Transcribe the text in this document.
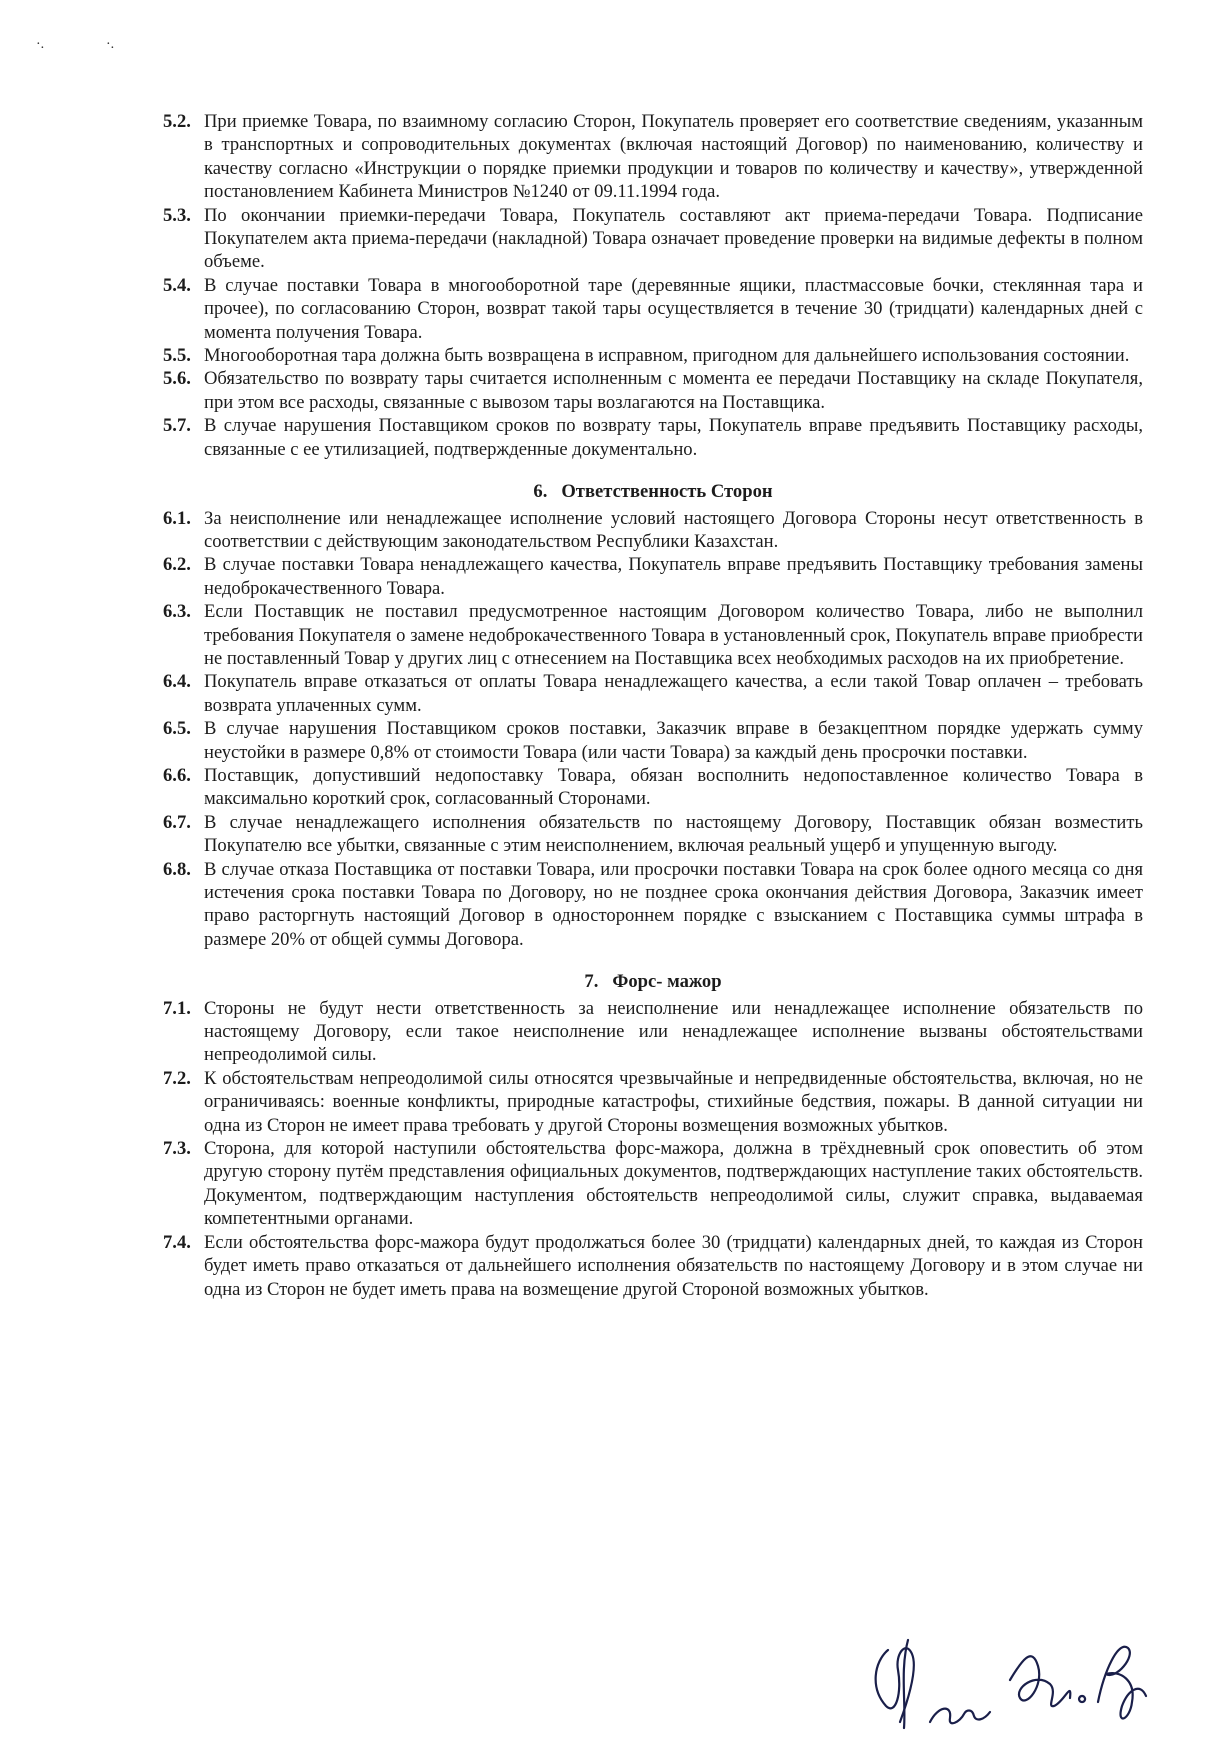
·.	·.
5.2. При приемке Товара, по взаимному согласию Сторон, Покупатель проверяет его соответствие сведениям, указанным в транспортных и сопроводительных документах (включая настоящий Договор) по наименованию, количеству и качеству согласно «Инструкции о порядке приемки продукции и товаров по количеству и качеству», утвержденной постановлением Кабинета Министров №1240 от 09.11.1994 года.
5.3. По окончании приемки-передачи Товара, Покупатель составляют акт приема-передачи Товара. Подписание Покупателем акта приема-передачи (накладной) Товара означает проведение проверки на видимые дефекты в полном объеме.
5.4. В случае поставки Товара в многооборотной таре (деревянные ящики, пластмассовые бочки, стеклянная тара и прочее), по согласованию Сторон, возврат такой тары осуществляется в течение 30 (тридцати) календарных дней с момента получения Товара.
5.5. Многооборотная тара должна быть возвращена в исправном, пригодном для дальнейшего использования состоянии.
5.6. Обязательство по возврату тары считается исполненным с момента ее передачи Поставщику на складе Покупателя, при этом все расходы, связанные с вывозом тары возлагаются на Поставщика.
5.7. В случае нарушения Поставщиком сроков по возврату тары, Покупатель вправе предъявить Поставщику расходы, связанные с ее утилизацией, подтвержденные документально.
6. Ответственность Сторон
6.1. За неисполнение или ненадлежащее исполнение условий настоящего Договора Стороны несут ответственность в соответствии с действующим законодательством Республики Казахстан.
6.2. В случае поставки Товара ненадлежащего качества, Покупатель вправе предъявить Поставщику требования замены недоброкачественного Товара.
6.3. Если Поставщик не поставил предусмотренное настоящим Договором количество Товара, либо не выполнил требования Покупателя о замене недоброкачественного Товара в установленный срок, Покупатель вправе приобрести не поставленный Товар у других лиц с отнесением на Поставщика всех необходимых расходов на их приобретение.
6.4. Покупатель вправе отказаться от оплаты Товара ненадлежащего качества, а если такой Товар оплачен – требовать возврата уплаченных сумм.
6.5. В случае нарушения Поставщиком сроков поставки, Заказчик вправе в безакцептном порядке удержать сумму неустойки в размере 0,8% от стоимости Товара (или части Товара) за каждый день просрочки поставки.
6.6. Поставщик, допустивший недопоставку Товара, обязан восполнить недопоставленное количество Товара в максимально короткий срок, согласованный Сторонами.
6.7. В случае ненадлежащего исполнения обязательств по настоящему Договору, Поставщик обязан возместить Покупателю все убытки, связанные с этим неисполнением, включая реальный ущерб и упущенную выгоду.
6.8. В случае отказа Поставщика от поставки Товара, или просрочки поставки Товара на срок более одного месяца со дня истечения срока поставки Товара по Договору, но не позднее срока окончания действия Договора, Заказчик имеет право расторгнуть настоящий Договор в одностороннем порядке с взысканием с Поставщика суммы штрафа в размере 20% от общей суммы Договора.
7. Форс- мажор
7.1. Стороны не будут нести ответственность за неисполнение или ненадлежащее исполнение обязательств по настоящему Договору, если такое неисполнение или ненадлежащее исполнение вызваны обстоятельствами непреодолимой силы.
7.2. К обстоятельствам непреодолимой силы относятся чрезвычайные и непредвиденные обстоятельства, включая, но не ограничиваясь: военные конфликты, природные катастрофы, стихийные бедствия, пожары. В данной ситуации ни одна из Сторон не имеет права требовать у другой Стороны возмещения возможных убытков.
7.3. Сторона, для которой наступили обстоятельства форс-мажора, должна в трёхдневный срок оповестить об этом другую сторону путём представления официальных документов, подтверждающих наступление таких обстоятельств. Документом, подтверждающим наступления обстоятельств непреодолимой силы, служит справка, выдаваемая компетентными органами.
7.4. Если обстоятельства форс-мажора будут продолжаться более 30 (тридцати) календарных дней, то каждая из Сторон будет иметь право отказаться от дальнейшего исполнения обязательств по настоящему Договору и в этом случае ни одна из Сторон не будет иметь права на возмещение другой Стороной возможных убытков.
